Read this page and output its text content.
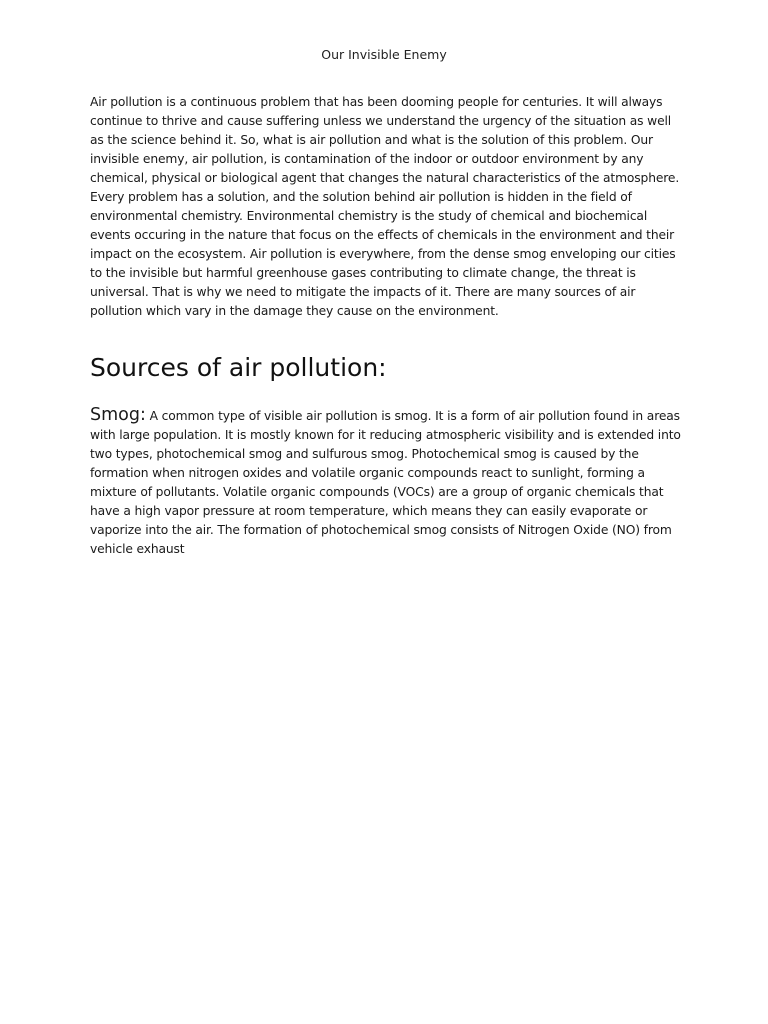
Our Invisible Enemy

Air pollution is a continuous problem that has been dooming people for centuries. It will always continue to thrive and cause suffering unless we understand the urgency of the situation as well as the science behind it. So, what is air pollution and what is the solution of this problem. Our invisible enemy, air pollution, is contamination of the indoor or outdoor environment by any chemical, physical or biological agent that changes the natural characteristics of the atmosphere. Every problem has a solution, and the solution behind air pollution is hidden in the field of environmental chemistry. Environmental chemistry is the study of chemical and biochemical events occuring in the nature that focus on the effects of chemicals in the environment and their impact on the ecosystem. Air pollution is everywhere, from the dense smog enveloping our cities to the invisible but harmful greenhouse gases contributing to climate change, the threat is universal. That is why we need to mitigate the impacts of it. There are many sources of air pollution which vary in the damage they cause on the environment.

Sources of air pollution:

Smog: A common type of visible air pollution is smog. It is a form of air pollution found in areas with large population. It is mostly known for it reducing atmospheric visibility and is extended into two types, photochemical smog and sulfurous smog. Photochemical smog is caused by the formation when nitrogen oxides and volatile organic compounds react to sunlight, forming a mixture of pollutants. Volatile organic compounds (VOCs) are a group of organic chemicals that have a high vapor pressure at room temperature, which means they can easily evaporate or vaporize into the air. The formation of photochemical smog consists of Nitrogen Oxide (NO) from vehicle exhaust
